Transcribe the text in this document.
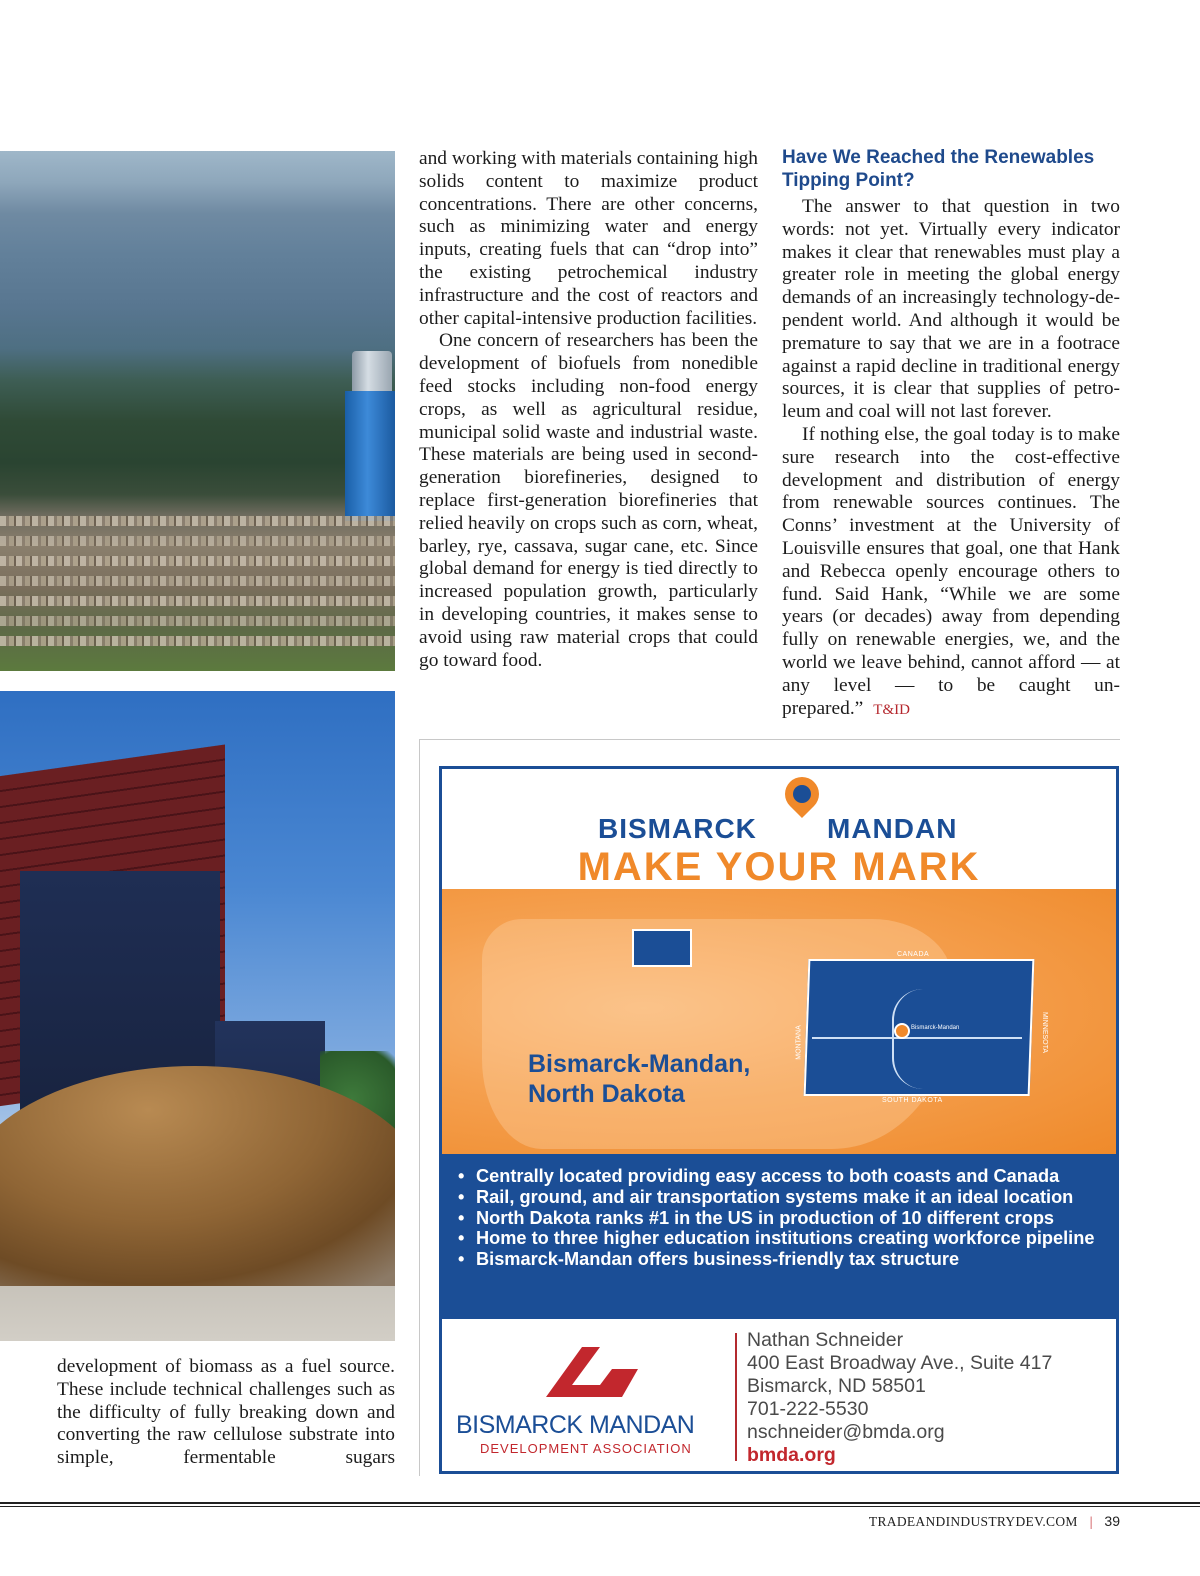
and working with materials containing high solids content to maximize product concentrations. There are other concerns, such as minimizing water and energy inputs, creating fuels that can “drop into” the existing petrochemical industry infrastructure and the cost of reactors and other capital-intensive production facilities.

One concern of researchers has been the development of biofuels from nonedible feed stocks including non-food energy crops, as well as agricultural residue, municipal solid waste and industrial waste. These materials are being used in second-generation biorefineries, designed to replace first-generation biorefineries that relied heavily on crops such as corn, wheat, barley, rye, cassava, sugar cane, etc. Since global demand for energy is tied directly to increased population growth, particularly in developing countries, it makes sense to avoid using raw material crops that could go toward food.

Have We Reached the Renewables Tipping Point?

The answer to that question in two words: not yet. Virtually every indicator makes it clear that renewables must play a greater role in meeting the global energy demands of an increasingly technology-dependent world. And although it would be premature to say that we are in a footrace against a rapid decline in traditional energy sources, it is clear that supplies of petroleum and coal will not last forever.

If nothing else, the goal today is to make sure research into the cost-effective development and distribution of energy from renewable sources continues. The Conns’ investment at the University of Louisville ensures that goal, one that Hank and Rebecca openly encourage others to fund. Said Hank, “While we are some years (or decades) away from depending fully on renewable energies, we, and the world we leave behind, cannot afford — at any level — to be caught unprepared.” T&ID

development of biomass as a fuel source. These include technical challenges such as the difficulty of fully breaking down and converting the raw cellulose substrate into simple, fermentable sugars

BISMARCK	MANDAN
MAKE YOUR MARK
Bismarck-Mandan,
North Dakota
Bismarck-Mandan
CANADA
SOUTH DAKOTA
MINNESOTA
MONTANA
• Centrally located providing easy access to both coasts and Canada
• Rail, ground, and air transportation systems make it an ideal location
• North Dakota ranks #1 in the US in production of 10 different crops
• Home to three higher education institutions creating workforce pipeline
• Bismarck-Mandan offers business-friendly tax structure
BISMARCK MANDAN
DEVELOPMENT ASSOCIATION
Nathan Schneider
400 East Broadway Ave., Suite 417
Bismarck, ND 58501
701-222-5530
nschneider@bmda.org
bmda.org
TRADEANDINDUSTRYDEV.COM | 39
